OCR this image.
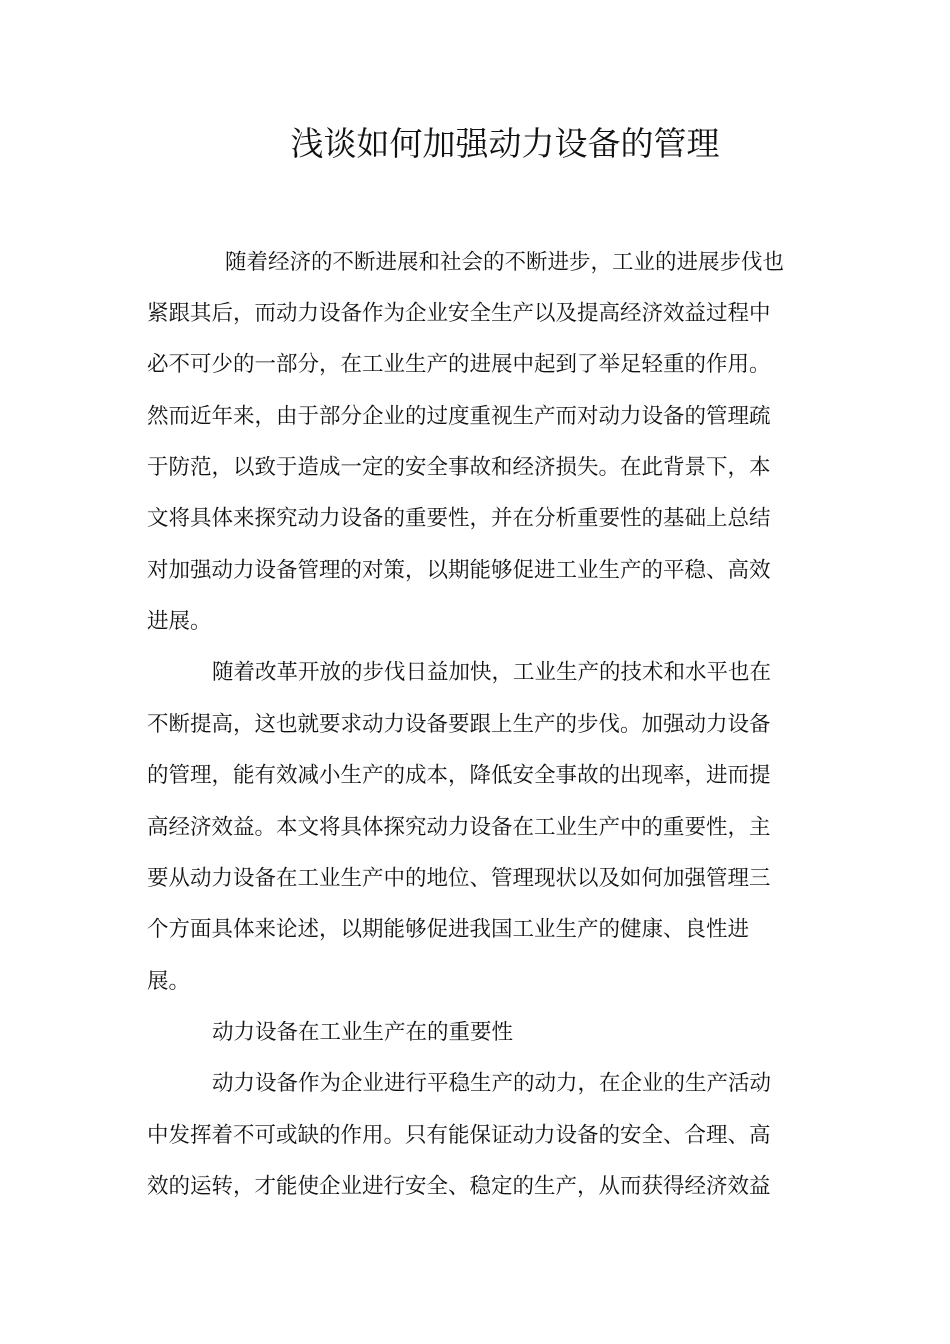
浅谈如何加强动力设备的管理

随着经济的不断进展和社会的不断进步，工业的进展步伐也

紧跟其后，而动力设备作为企业安全生产以及提高经济效益过程中

必不可少的一部分，在工业生产的进展中起到了举足轻重的作用。

然而近年来，由于部分企业的过度重视生产而对动力设备的管理疏

于防范，以致于造成一定的安全事故和经济损失。在此背景下，本

文将具体来探究动力设备的重要性，并在分析重要性的基础上总结

对加强动力设备管理的对策，以期能够促进工业生产的平稳、高效

进展。

随着改革开放的步伐日益加快，工业生产的技术和水平也在

不断提高，这也就要求动力设备要跟上生产的步伐。加强动力设备

的管理，能有效减小生产的成本，降低安全事故的出现率，进而提

高经济效益。本文将具体探究动力设备在工业生产中的重要性，主

要从动力设备在工业生产中的地位、管理现状以及如何加强管理三

个方面具体来论述，以期能够促进我国工业生产的健康、良性进

展。

动力设备在工业生产在的重要性

动力设备作为企业进行平稳生产的动力，在企业的生产活动

中发挥着不可或缺的作用。只有能保证动力设备的安全、合理、高

效的运转，才能使企业进行安全、稳定的生产，从而获得经济效益
